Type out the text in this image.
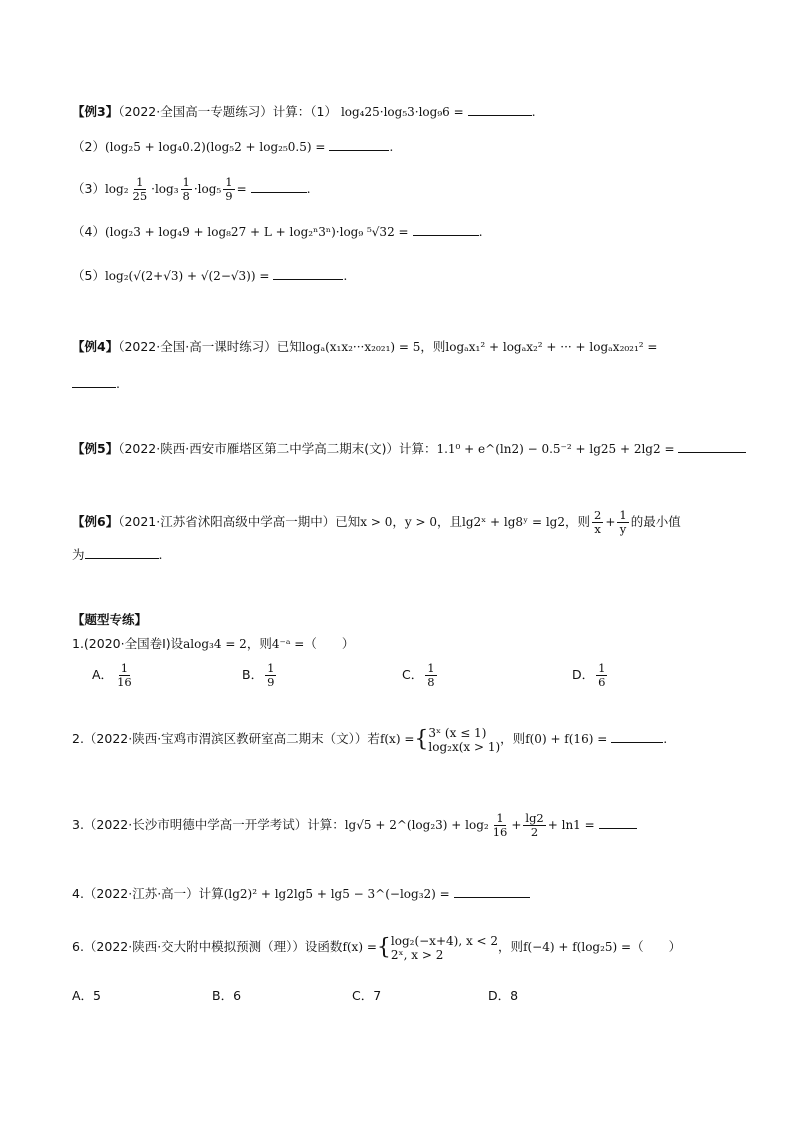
【例3】（2022·全国高一专题练习）计算：（1） log₄25·log₅3·log₉6 =	.
（2）(log₂5 + log₄0.2)(log₅2 + log₂₅0.5) =	.
$(3)\log_2 \frac{1}{25} \cdot\log_3 \frac{1}{8} \cdot\log_5 \frac{1}{9}$ =	.
（4）(log₂3 + log₄9 + log₈27 + L + log₂ⁿ3ⁿ)·log₉ ⁵√32 =	.
（5）log₂(√(2+√3) + √(2−√3)) =	.
【例4】（2022·全国·高一课时练习）已知logₐ(x₁x₂···x₂₀₂₁) = 5，则logₐx₁² + logₐx₂² + ··· + logₐx₂₀₂₁² =
.
【例5】（2022·陕西·西安市雁塔区第二中学高二期末(文)）计算：1.1⁰ + e^(ln2) − 0.5⁻² + lg25 + 2lg2 =
【例6】（2021·江苏省沭阳高级中学高一期中）已知x > 0，y > 0，且lg2ˣ + lg8ʸ = lg2，则 $\frac{2}{x} + \frac{1}{y}$ 的最小值
为	.
【题型专练】
1.(2020·全国卷Ⅰ)设alog₃4 = 2，则4⁻ᵃ =（　　）
A． $\frac{1}{16}$	B． $\frac{1}{9}$	C． $\frac{1}{8}$	D． $\frac{1}{6}$
2.（2022·陕西·宝鸡市渭滨区教研室高二期末（文））若f(x) ={ 3ˣ (x ≤ 1)
log₂x(x > 1)
，则f(0) + f(16) =	.
3.（2022·长沙市明德中学高一开学考试）计算：lg√5 + 2^(log₂3) + $\log_2 \frac{1}{16} + \frac{\lg 2}{2} + \ln 1$ =
4.（2022·江苏·高一）计算(lg2)² + lg2lg5 + lg5 − 3^(−log₃2) =
6.（2022·陕西·交大附中模拟预测（理））设函数f(x) ={ log₂(−x+4), x < 2
2ˣ, x > 2
，则f(−4) + f(log₂5) =（　　）
A．5	B．6	C．7	D．8
